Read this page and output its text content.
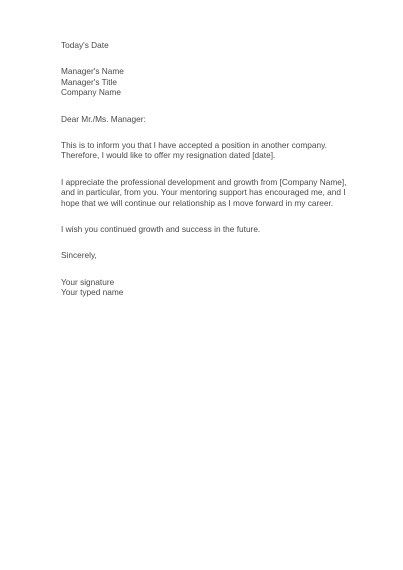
Today's Date
Manager's Name
Manager's Title
Company Name
Dear Mr./Ms. Manager:
This is to inform you that I have accepted a position in another company.
Therefore, I would like to offer my resignation dated [date].
I appreciate the professional development and growth from [Company Name],
and in particular, from you. Your mentoring support has encouraged me, and I
hope that we will continue our relationship as I move forward in my career.
I wish you continued growth and success in the future.
Sincerely,
Your signature
Your typed name
